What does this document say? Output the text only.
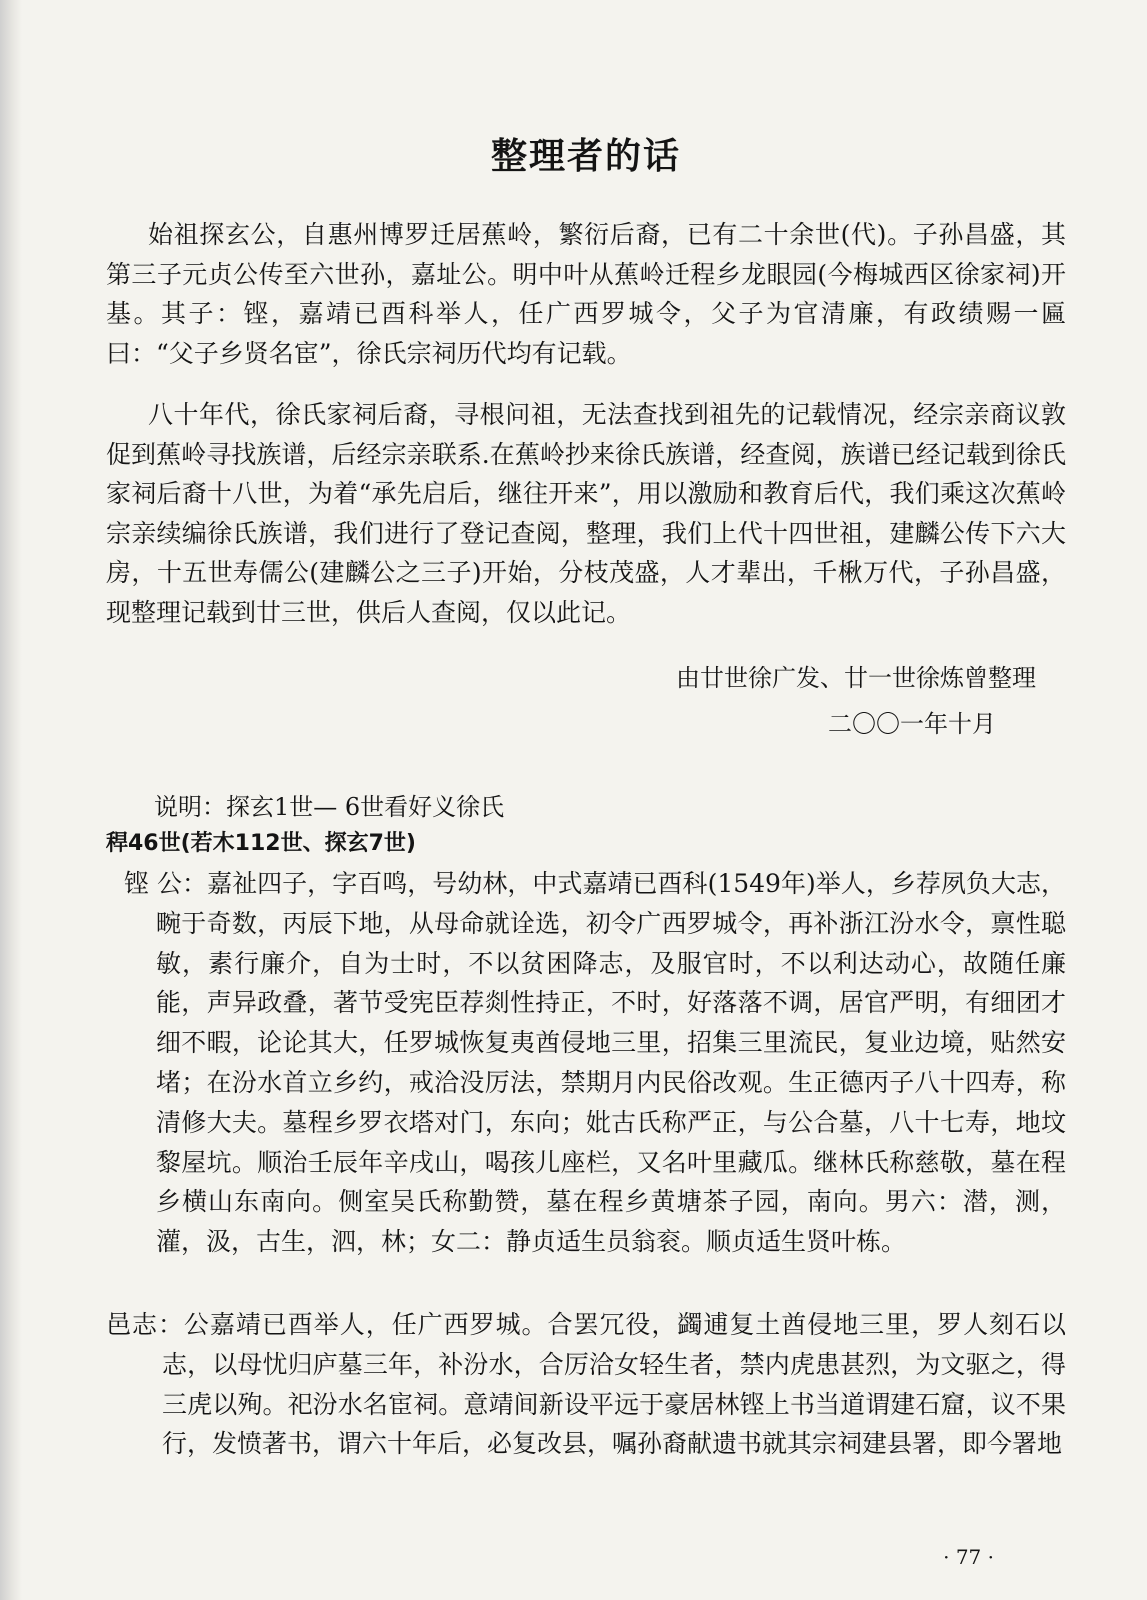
整理者的话

始祖探玄公，自惠州博罗迁居蕉岭，繁衍后裔，已有二十余世(代)。子孙昌盛，其第三子元贞公传至六世孙，嘉址公。明中叶从蕉岭迁程乡龙眼园(今梅城西区徐家祠)开基。其子：铿，嘉靖已酉科举人，任广西罗城令，父子为官清廉，有政绩赐一匾曰：“父子乡贤名宦”，徐氏宗祠历代均有记载。

八十年代，徐氏家祠后裔，寻根问祖，无法查找到祖先的记载情况，经宗亲商议敦促到蕉岭寻找族谱，后经宗亲联系.在蕉岭抄来徐氏族谱，经查阅，族谱已经记载到徐氏家祠后裔十八世，为着“承先启后，继往开来”，用以激励和教育后代，我们乘这次蕉岭宗亲续编徐氏族谱，我们进行了登记查阅，整理，我们上代十四世祖，建麟公传下六大房，十五世寿儒公(建麟公之三子)开始，分枝茂盛，人才辈出，千楸万代，子孙昌盛，现整理记载到廿三世，供后人查阅，仅以此记。

由廿世徐广发、廿一世徐炼曾整理
二〇〇一年十月
说明：探玄1世— 6世看好义徐氏
稈46世(若木112世、探玄7世)

铿 公：嘉祉四子，字百鸣，号幼林，中式嘉靖已酉科(1549年)举人，乡荐夙负大志，畹于奇数，丙辰下地，从母命就诠选，初令广西罗城令，再补浙江汾水令，禀性聪敏，素行廉介，自为士时，不以贫困降志，及服官时，不以利达动心，故随任廉能，声异政叠，著节受宪臣荐剡性持正，不时，好落落不调，居官严明，有细团才细不暇，论论其大，任罗城恢复夷酋侵地三里，招集三里流民，复业边境，贴然安堵；在汾水首立乡约，戒洽没厉法，禁期月内民俗改观。生正德丙子八十四寿，称清修大夫。墓程乡罗衣塔对门，东向；妣古氏称严正，与公合墓，八十七寿，地坟黎屋坑。顺治壬辰年辛戌山，喝孩儿座栏，又名叶里藏瓜。继林氏称慈敬，墓在程乡横山东南向。侧室吴氏称勤赞，墓在程乡黄塘茶子园，南向。男六：潜，测，灌，汲，古生，泗，林；女二：静贞适生员翁衮。顺贞适生贤叶栋。

邑志：公嘉靖已酉举人，任广西罗城。合罢冗役，蠲逋复土酋侵地三里，罗人刻石以志，以母忧归庐墓三年，补汾水，合厉洽女轻生者，禁内虎患甚烈，为文驱之，得三虎以殉。祀汾水名宦祠。意靖间新设平远于豪居林铿上书当道谓建石窟，议不果行，发愤著书，谓六十年后，必复改县，嘱孙裔献遗书就其宗祠建县署，即今署地

· 77 ·
